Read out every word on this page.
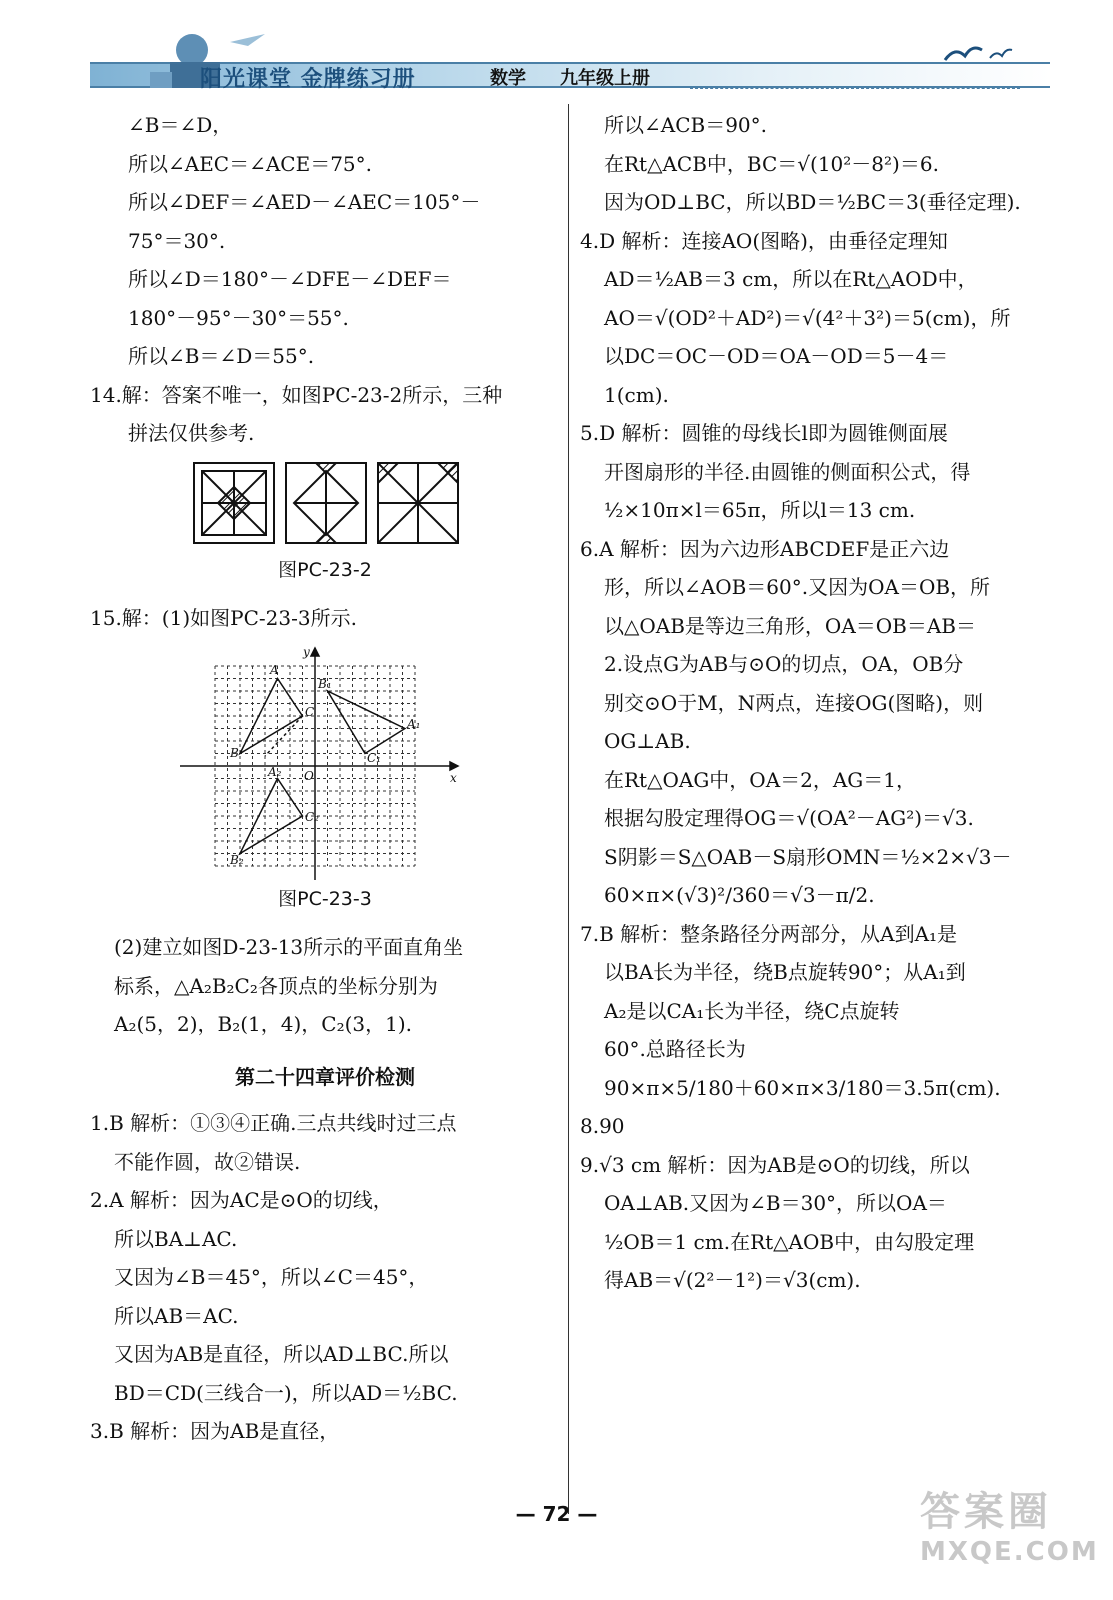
阳光课堂 金牌练习册	数学 九年级上册
∠B＝∠D，
所以∠AEC＝∠ACE＝75°.
所以∠DEF＝∠AED－∠AEC＝105°－
75°＝30°.
所以∠D＝180°－∠DFE－∠DEF＝
180°－95°－30°＝55°.
所以∠B＝∠D＝55°.
14.解：答案不唯一，如图PC-23-2所示，三种
拼法仅供参考.
图PC-23-2
15.解：(1)如图PC-23-3所示.
y
x
O
A
B
C
A₁
B₁
C₁
A₂
B₂
C₂
图PC-23-3
(2)建立如图D-23-13所示的平面直角坐
标系，△A₂B₂C₂各顶点的坐标分别为
A₂(5，2)，B₂(1，4)，C₂(3，1).
第二十四章评价检测
1.B 解析：①③④正确.三点共线时过三点
不能作圆，故②错误.
2.A 解析：因为AC是⊙O的切线，
所以BA⊥AC.
又因为∠B＝45°，所以∠C＝45°，
所以AB＝AC.
又因为AB是直径，所以AD⊥BC.所以
BD＝CD(三线合一)，所以AD＝½BC.
3.B 解析：因为AB是直径，
所以∠ACB＝90°.
在Rt△ACB中，BC＝√(10²－8²)＝6.
因为OD⊥BC，所以BD＝½BC＝3(垂径定理).
4.D 解析：连接AO(图略)，由垂径定理知
AD＝½AB＝3 cm，所以在Rt△AOD中，
AO＝√(OD²＋AD²)＝√(4²＋3²)＝5(cm)，所
以DC＝OC－OD＝OA－OD＝5－4＝
1(cm).
5.D 解析：圆锥的母线长l即为圆锥侧面展
开图扇形的半径.由圆锥的侧面积公式，得
½×10π×l＝65π，所以l＝13 cm.
6.A 解析：因为六边形ABCDEF是正六边
形，所以∠AOB＝60°.又因为OA＝OB，所
以△OAB是等边三角形，OA＝OB＝AB＝
2.设点G为AB与⊙O的切点，OA，OB分
别交⊙O于M，N两点，连接OG(图略)，则
OG⊥AB.
在Rt△OAG中，OA＝2，AG＝1，
根据勾股定理得OG＝√(OA²－AG²)＝√3.
S阴影＝S△OAB－S扇形OMN＝½×2×√3－
60×π×(√3)²/360＝√3－π/2.
7.B 解析：整条路径分两部分，从A到A₁是
以BA长为半径，绕B点旋转90°；从A₁到
A₂是以CA₁长为半径，绕C点旋转
60°.总路径长为
90×π×5/180＋60×π×3/180＝3.5π(cm).
8.90
9.√3 cm 解析：因为AB是⊙O的切线，所以
OA⊥AB.又因为∠B＝30°，所以OA＝
½OB＝1 cm.在Rt△AOB中，由勾股定理
得AB＝√(2²－1²)＝√3(cm).
— 72 —	答案圈
MXQE.COM
